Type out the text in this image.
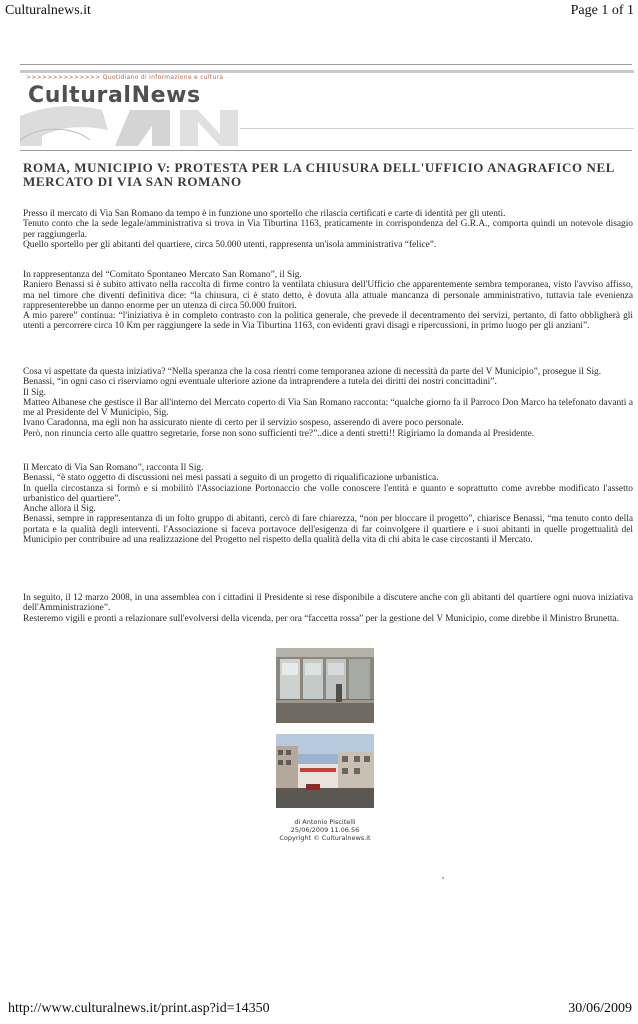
Culturalnews.it	Page 1 of 1
>>>>>>>>>>>>>> Quotidiano di informazione e cultura
CulturalNews
ROMA, MUNICIPIO V: PROTESTA PER LA CHIUSURA DELL'UFFICIO ANAGRAFICO NEL MERCATO DI VIA SAN ROMANO

Presso il mercato di Via San Romano da tempo è in funzione uno sportello che rilascia certificati e carte di identità per gli utenti.
Tenuto conto che la sede legale/amministrativa si trova in Via Tiburtina 1163, praticamente in corrispondenza del G.R.A., comporta quindi un notevole disagio per raggiungerla.
Quello sportello per gli abitanti del quartiere, circa 50.000 utenti, rappresenta un'isola amministrativa “felice”.

In rappresentanza del “Comitato Spontaneo Mercato San Romano”, il Sig.
Raniero Benassi si è subito attivato nella raccolta di firme contro la ventilata chiusura dell'Ufficio che apparentemente sembra temporanea, visto l'avviso affisso, ma nel timore che diventi definitiva dice: “la chiusura, ci è stato detto, è dovuta alla attuale mancanza di personale amministrativo, tuttavia tale evenienza rappresenterebbe un danno enorme per un utenza di circa 50.000 fruitori.
A mio parere” continua: “l'iniziativa è in completo contrasto con la politica generale, che prevede il decentramento dei servizi, pertanto, di fatto obbligherà gli utenti a percorrere circa 10 Km per raggiungere la sede in Via Tiburtina 1163, con evidenti gravi disagi e ripercussioni, in primo luogo per gli anziani”.

Cosa vi aspettate da questa iniziativa? “Nella speranza che la cosa rientri come temporanea azione di necessità da parte del V Municipio”, prosegue il Sig.
Benassi, “in ogni caso ci riserviamo ogni eventuale ulteriore azione da intraprendere a tutela dei diritti dei nostri concittadini”.
Il Sig.
Matteo Albanese che gestisce il Bar all'interno del Mercato coperto di Via San Romano racconta: “qualche giorno fa il Parroco Don Marco ha telefonato davanti a me al Presidente del V Municipio, Sig.
Ivano Caradonna, ma egli non ha assicurato niente di certo per il servizio sospeso, asserendo di avere poco personale.
Però, non rinuncia certo alle quattro segretarie, forse non sono sufficienti tre?”..dice a denti stretti!! Rigiriamo la domanda al Presidente.

Il Mercato di Via San Romano”, racconta Il Sig.
Benassi, “è stato oggetto di discussioni nei mesi passati a seguito di un progetto di riqualificazione urbanistica.
In quella circostanza si formò e si mobilitò l'Associazione Portonaccio che volle conoscere l'entità e quanto e soprattutto come avrebbe modificato l'assetto urbanistico del quartiere”.
Anche allora il Sig.
Benassi, sempre in rappresentanza di un folto gruppo di abitanti, cercò di fare chiarezza, “non per bloccare il progetto”, chiarisce Benassi, “ma tenuto conto della portata e la qualità degli interventi. l'Associazione si faceva portavoce dell'esigenza di far coinvolgere il quartiere e i suoi abitanti in quelle progettualità del Municipio per contribuire ad una realizzazione del Progetto nel rispetto della qualità della vita di chi abita le case circostanti il Mercato.

In seguito, il 12 marzo 2008, in una assemblea con i cittadini il Presidente si rese disponibile a discutere anche con gli abitanti del quartiere ogni nuova iniziativa dell'Amministrazione”.
Resteremo vigili e pronti a relazionare sull'evolversi della vicenda, per ora “faccetta rossa” per la gestione del V Municipio, come direbbe il Ministro Brunetta.

di Antonio Piscitelli
25/06/2009 11.06.56
Copyright © Culturalnews.it
http://www.culturalnews.it/print.asp?id=14350	30/06/2009
